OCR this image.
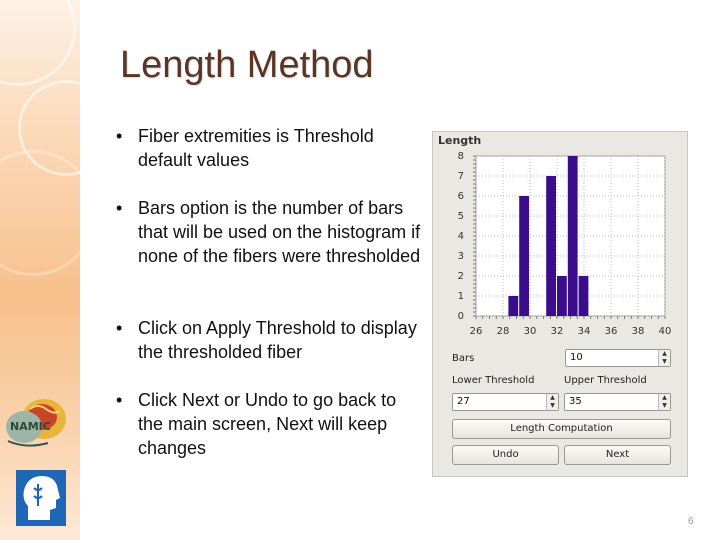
NAMIC
Length Method
• Fiber extremities is Threshold default values
• Bars option is the number of bars that will be used on the histogram if none of the fibers were thresholded
• Click on Apply Threshold to display the thresholded fiber
• Click Next or Undo to go back to the main screen, Next will keep changes
Length
0
1
2
3
4
5
6
7
8
26 28 30 32 34 36 38 40
Bars	10	▲
▼
Lower Threshold	Upper Threshold
27	▲
▼	35	▲
▼
Length Computation
Undo	Next
6
